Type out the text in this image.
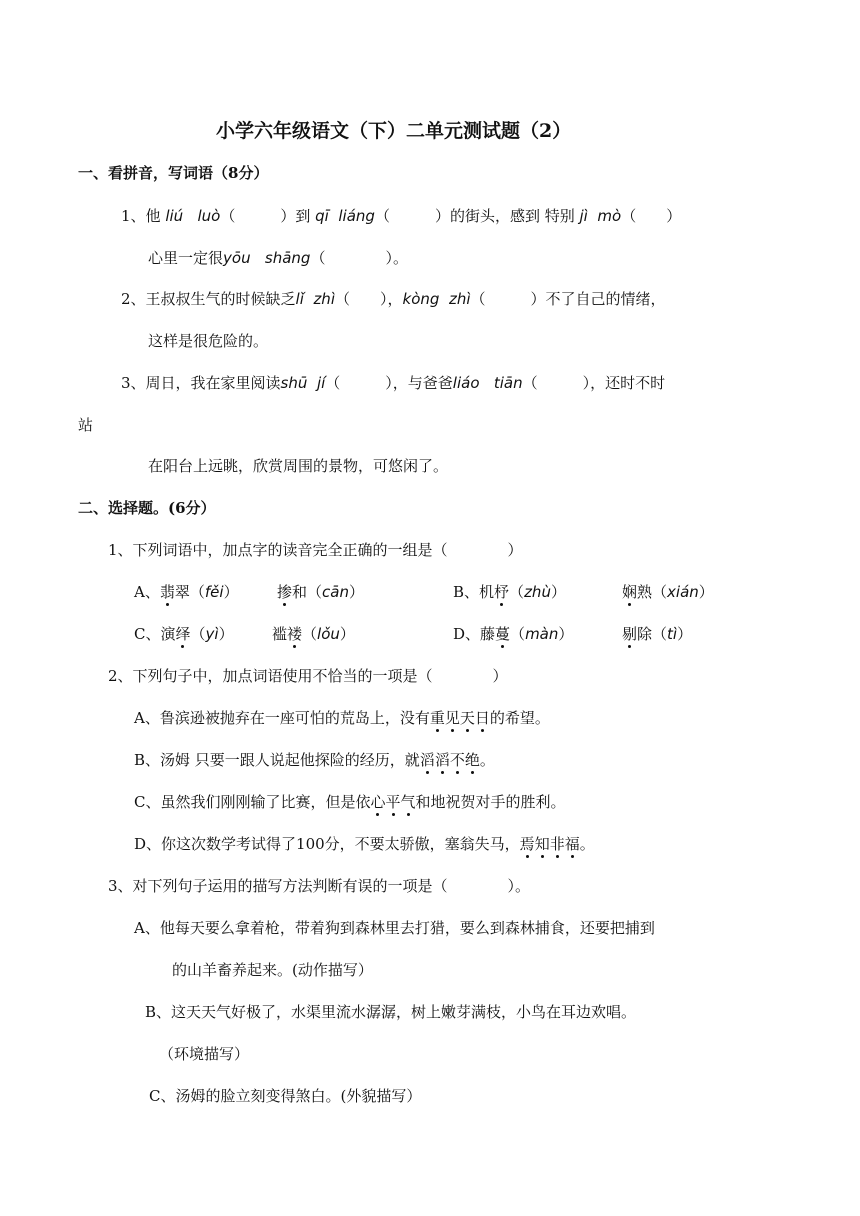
小学六年级语文（下）二单元测试题（2）
一、看拼音，写词语（8分）
1、他 liú luò（　　　）到 qī liáng（　　　）的街头，感到 特别 jì mò（　　）
心里一定很yōu shāng（　　　　）。
2、王叔叔生气的时候缺乏lǐ zhì（　　），kòng zhì（　　　）不了自己的情绪，
这样是很危险的。
3、周日，我在家里阅读shū jí（　　　），与爸爸liáo tiān（　　　），还时不时
站
在阳台上远眺，欣赏周围的景物，可悠闲了。
二、选择题。(6分）
1、下列词语中，加点字的读音完全正确的一组是（　　　　）
A、翡翠（fěi）	掺和（cān）	B、机杼（zhù）	娴熟（xián）
C、演绎（yì）	褴褛（lǒu）	D、藤蔓（màn）	剔除（tì）
2、下列句子中，加点词语使用不恰当的一项是（　　　　）
A、鲁滨逊被抛弃在一座可怕的荒岛上，没有重见天日的希望。
B、汤姆 只要一跟人说起他探险的经历，就滔滔不绝。
C、虽然我们刚刚输了比赛，但是依心平气和地祝贺对手的胜利。
D、你这次数学考试得了100分，不要太骄傲，塞翁失马，焉知非福。
3、对下列句子运用的描写方法判断有误的一项是（　　　　）。
A、他每天要么拿着枪，带着狗到森林里去打猎，要么到森林捕食，还要把捕到
的山羊畜养起来。(动作描写）
B、这天天气好极了，水渠里流水潺潺，树上嫩芽满枝，小鸟在耳边欢唱。
（环境描写）
C、汤姆的脸立刻变得煞白。(外貌描写）
